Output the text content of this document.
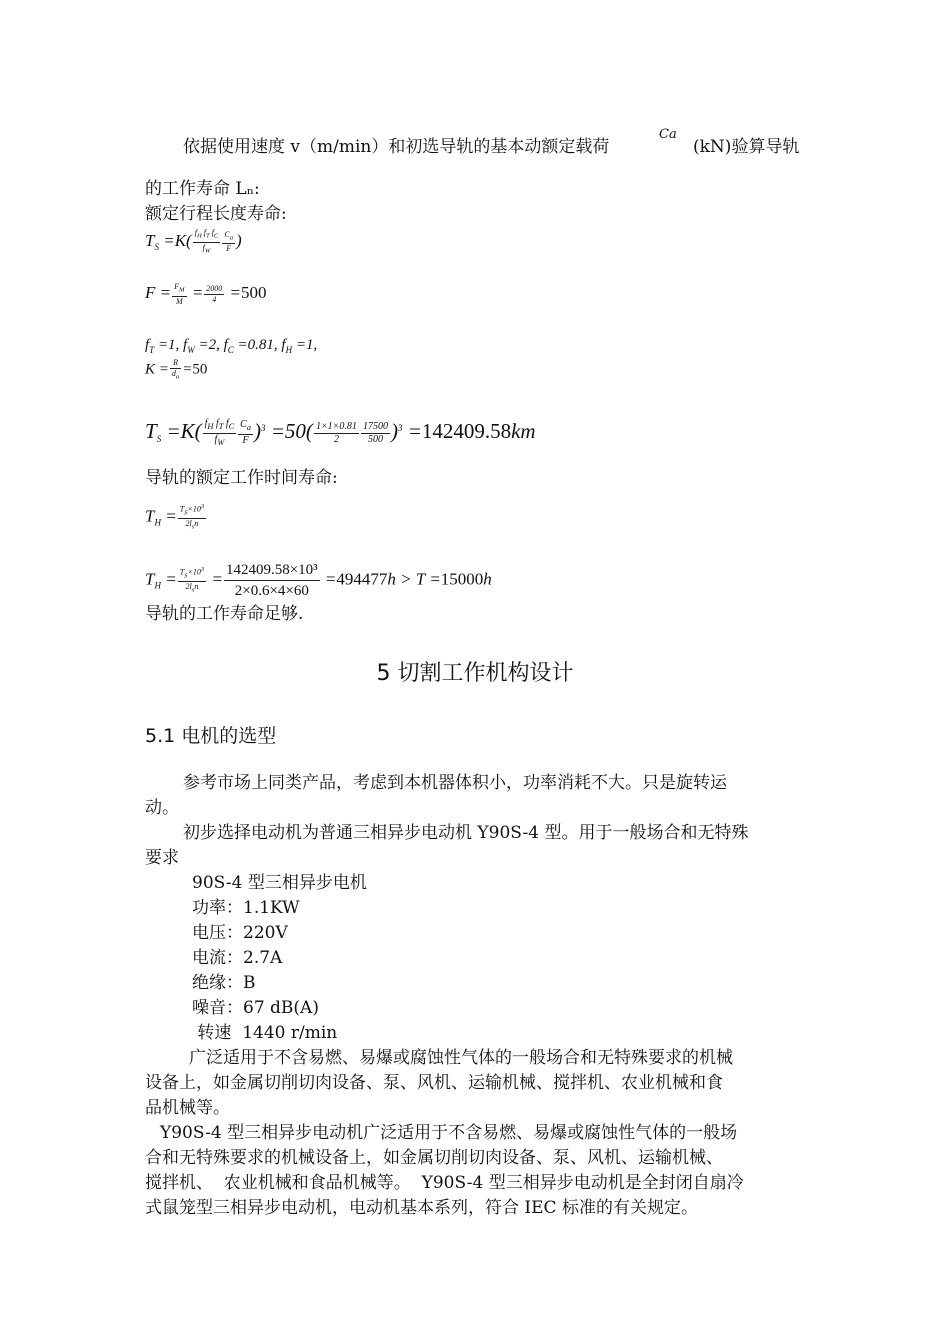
依据使用速度 v（m/min）和初选导轨的基本动额定载荷
Ca
(kN)验算导轨
的工作寿命 Lₙ:
额定行程长度寿命:
$T_S =K( \frac{f_H f_T f_C}{f_W} \frac{C_a}{F}$ )
$F = \frac{F_M}{M} = \frac{2000}{4} =500$
$f_T =1$, $f_W =2$, $f_C =0.81$, $f_H =1$,
$K = \frac{R}{d_a} =50$
$T_S =K( \frac{f_H f_T f_C}{f_W} \frac{C_a}{F} )^3 =50( \frac{1\times 1\times 0.81}{2} \frac{17500}{500} )^3 =142409.58km$
导轨的额定工作时间寿命:
$T_H = T_S\times 10^3$
$2l_sn$
$T_H = T_S\times 10^3$
$2l_sn = \frac{\text{142409.58×10³}}{2\times 0.6\times 4\times 60} =494477h > T =15000h$
导轨的工作寿命足够.
5 切割工作机构设计
5.1 电机的选型
参考市场上同类产品，考虑到本机器体积小，功率消耗不大。只是旋转运
动。
初步选择电动机为普通三相异步电动机 Y90S-4 型。用于一般场合和无特殊
要求
90S-4 型三相异步电机
功率：1.1KW
电压：220V
电流：2.7A
绝缘：B
噪音：67 dB(A)
转速  1440 r/min
广泛适用于不含易燃、易爆或腐蚀性气体的一般场合和无特殊要求的机械
设备上，如金属切削切肉设备、泵、风机、运输机械、搅拌机、农业机械和食
品机械等。
Y90S-4 型三相异步电动机广泛适用于不含易燃、易爆或腐蚀性气体的一般场
合和无特殊要求的机械设备上，如金属切削切肉设备、泵、风机、运输机械、
搅拌机、  农业机械和食品机械等。  Y90S-4 型三相异步电动机是全封闭自扇冷
式鼠笼型三相异步电动机，电动机基本系列，符合 IEC 标准的有关规定。
